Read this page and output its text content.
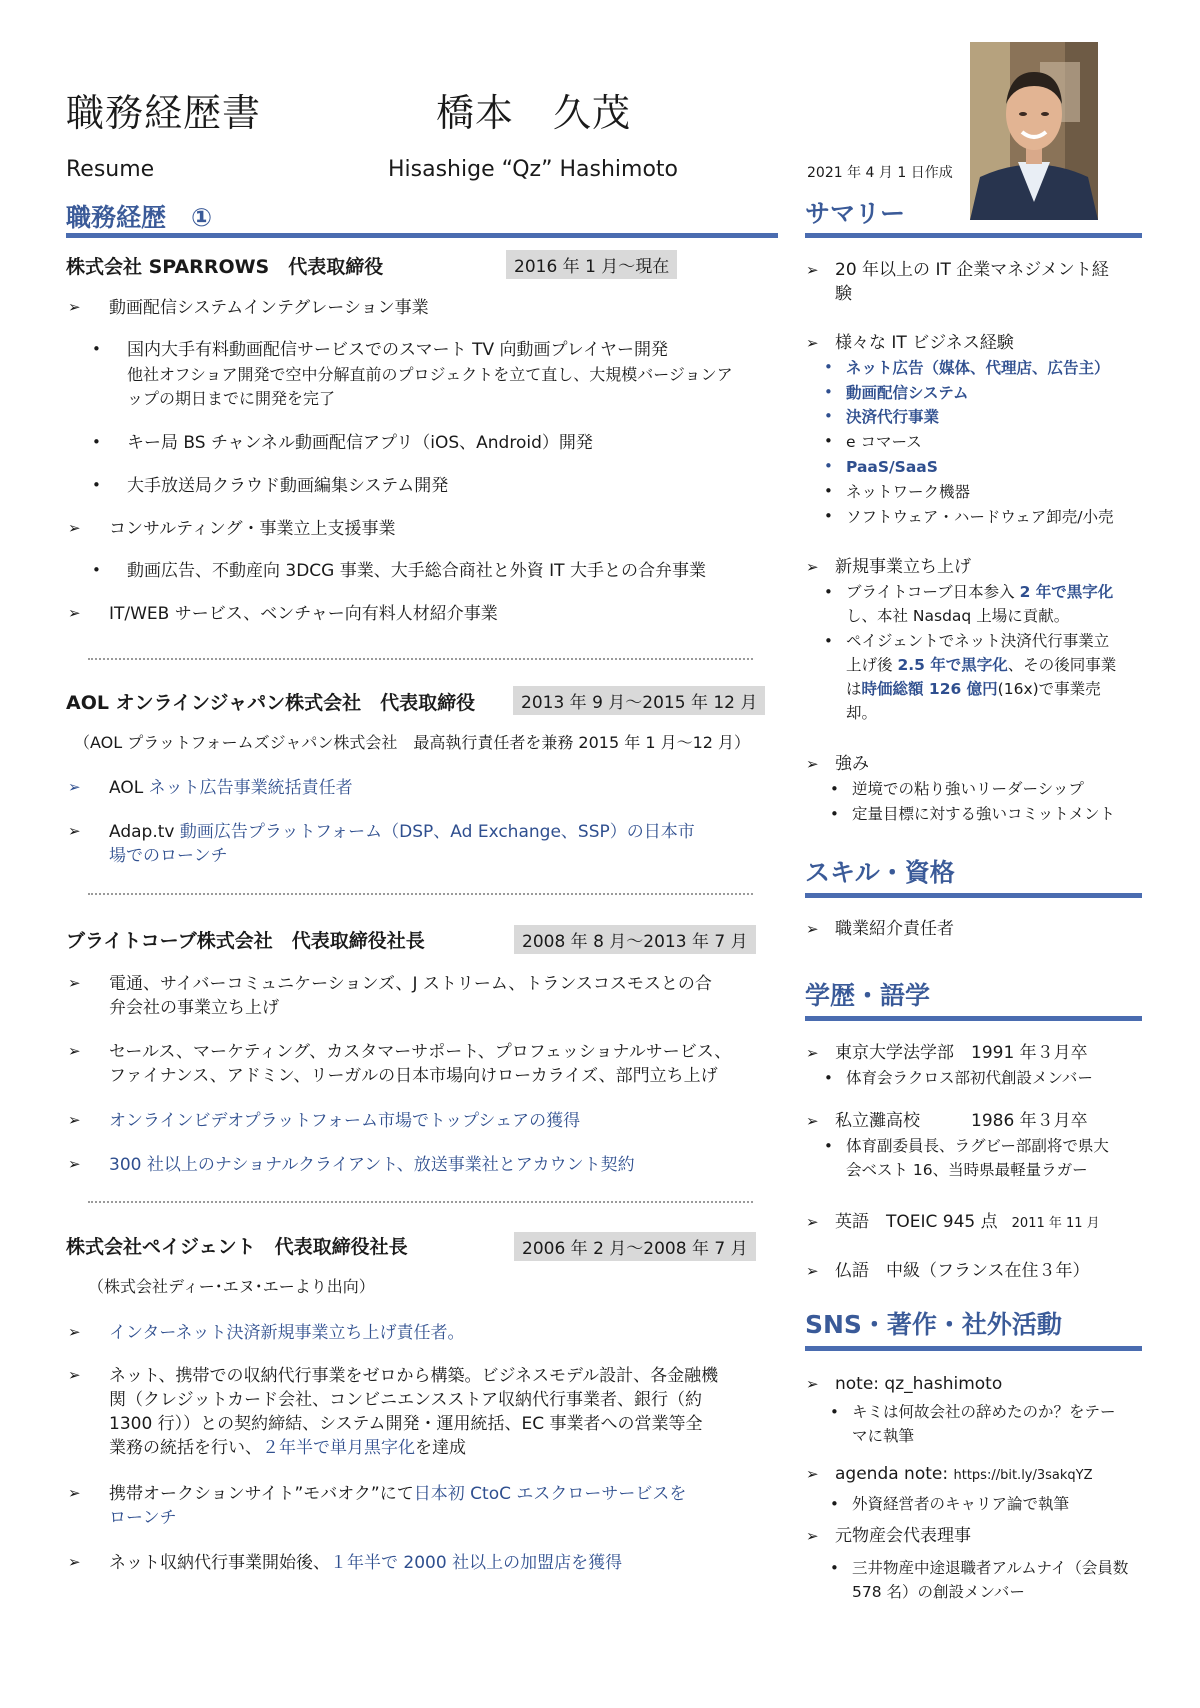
職務経歴書	橋本　久茂
Resume	Hisashige “Qz” Hashimoto	2021 年 4 月 1 日作成
職務経歴　①
株式会社 SPARROWS　代表取締役	2016 年 1 月～現在
➢ 動画配信システムインテグレーション事業
• 国内大手有料動画配信サービスでのスマート TV 向動画プレイヤー開発
他社オフショア開発で空中分解直前のプロジェクトを立て直し、大規模バージョンア
ップの期日までに開発を完了
• キー局 BS チャンネル動画配信アプリ（iOS、Android）開発
• 大手放送局クラウド動画編集システム開発
➢ コンサルティング・事業立上支援事業
• 動画広告、不動産向 3DCG 事業、大手総合商社と外資 IT 大手との合弁事業
➢ IT/WEB サービス、ベンチャー向有料人材紹介事業
AOL オンラインジャパン株式会社　代表取締役	2013 年 9 月～2015 年 12 月
（AOL プラットフォームズジャパン株式会社　最高執行責任者を兼務 2015 年 1 月～12 月）
➢ AOL ネット広告事業統括責任者
➢ Adap.tv 動画広告プラットフォーム（DSP、Ad Exchange、SSP）の日本市
場でのローンチ
ブライトコーブ株式会社　代表取締役社長	2008 年 8 月～2013 年 7 月
➢ 電通、サイバーコミュニケーションズ、J ストリーム、トランスコスモスとの合
弁会社の事業立ち上げ
➢ セールス、マーケティング、カスタマーサポート、プロフェッショナルサービス、
ファイナンス、アドミン、リーガルの日本市場向けローカライズ、部門立ち上げ
➢ オンラインビデオプラットフォーム市場でトップシェアの獲得
➢ 300 社以上のナショナルクライアント、放送事業社とアカウント契約
株式会社ペイジェント　代表取締役社長	2006 年 2 月～2008 年 7 月
（株式会社ディー･エヌ･エーより出向）
➢ インターネット決済新規事業立ち上げ責任者。
➢ ネット、携帯での収納代行事業をゼロから構築。ビジネスモデル設計、各金融機
関（クレジットカード会社、コンビニエンスストア収納代行事業者、銀行（約
1300 行））との契約締結、システム開発・運用統括、EC 事業者への営業等全
業務の統括を行い、２年半で単月黒字化を達成
➢ 携帯オークションサイト”モバオク”にて日本初 CtoC エスクローサービスを
ローンチ
➢ ネット収納代行事業開始後、１年半で 2000 社以上の加盟店を獲得
サマリー
➢ 20 年以上の IT 企業マネジメント経
験
➢ 様々な IT ビジネス経験
• ネット広告（媒体、代理店、広告主）
• 動画配信システム
• 決済代行事業
• e コマース
• PaaS/SaaS
• ネットワーク機器
• ソフトウェア・ハードウェア卸売/小売
➢ 新規事業立ち上げ
• ブライトコーブ日本参入 2 年で黒字化
し、本社 Nasdaq 上場に貢献。
• ペイジェントでネット決済代行事業立
上げ後 2.5 年で黒字化、その後同事業
は時価総額 126 億円(16x)で事業売
却。
➢ 強み
• 逆境での粘り強いリーダーシップ
• 定量目標に対する強いコミットメント
スキル・資格
➢ 職業紹介責任者
学歴・語学
➢ 東京大学法学部　1991 年３月卒
• 体育会ラクロス部初代創設メンバー
➢ 私立灘高校　　　1986 年３月卒
• 体育副委員長、ラグビー部副将で県大
会ベスト 16、当時県最軽量ラガー
➢ 英語　TOEIC 945 点 2011 年 11 月
➢ 仏語　中級（フランス在住３年）
SNS・著作・社外活動
➢ note: qz_hashimoto
• キミは何故会社の辞めたのか？をテー
マに執筆
➢ agenda note: https://bit.ly/3sakqYZ
• 外資経営者のキャリア論で執筆
➢ 元物産会代表理事
• 三井物産中途退職者アルムナイ（会員数
578 名）の創設メンバー
